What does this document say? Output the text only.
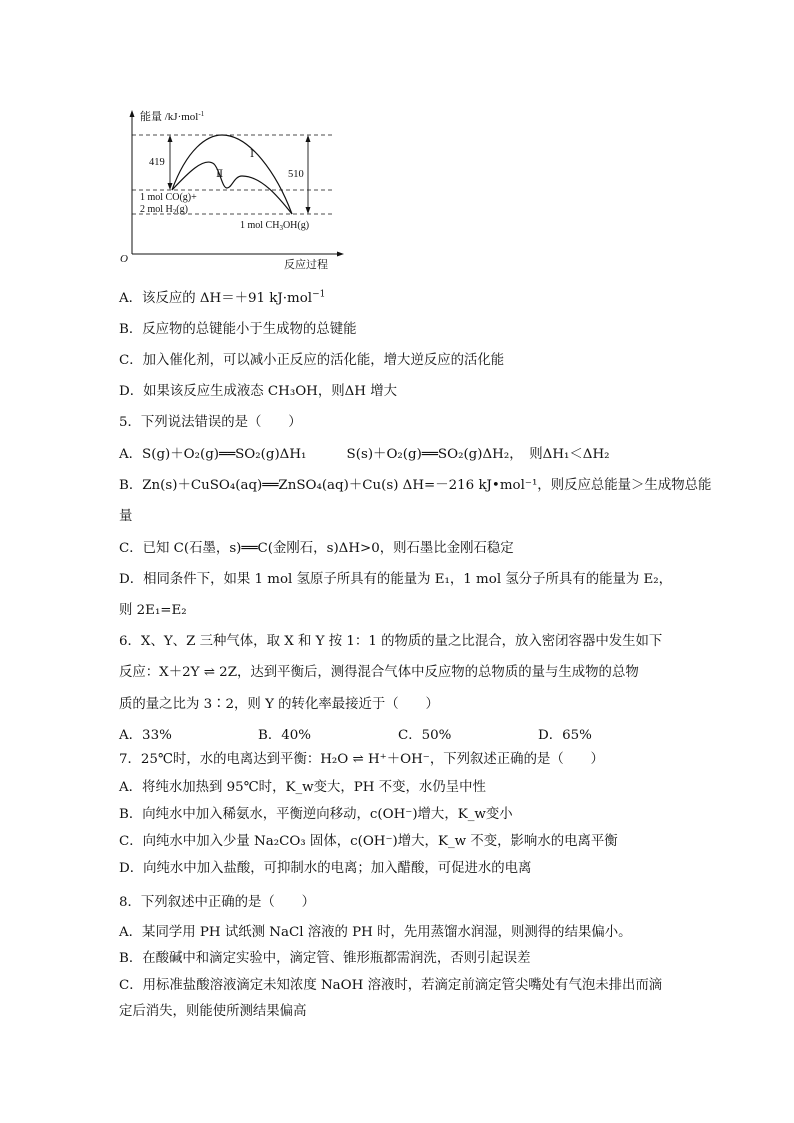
能量 /kJ·mol$^{-1}$
419
510
Ⅰ
Ⅱ
1 mol CO(g)+
2 mol $H_2(g)$
1 mol $CH_3OH(g)$
O	反应过程
A．该反应的 ΔH＝＋91 kJ·mol$^{-1}$
B．反应物的总键能小于生成物的总键能
C．加入催化剂，可以减小正反应的活化能，增大逆反应的活化能
D．如果该反应生成液态 CH₃OH，则ΔH 增大
5．下列说法错误的是（　　）
A．S(g)＋O₂(g)══SO₂(g)ΔH₁　　　S(s)＋O₂(g)══SO₂(g)ΔH₂，　则ΔH₁＜ΔH₂
B．Zn(s)＋CuSO₄(aq)══ZnSO₄(aq)＋Cu(s) ΔH=－216 kJ•mol⁻¹，则反应总能量＞生成物总能
量
C．已知 C(石墨，s)══C(金刚石，s)ΔH>0，则石墨比金刚石稳定
D．相同条件下，如果 1 mol 氢原子所具有的能量为 E₁，1 mol 氢分子所具有的能量为 E₂，
则 2E₁=E₂
6．X、Y、Z 三种气体，取 X 和 Y 按 1：1 的物质的量之比混合，放入密闭容器中发生如下
反应：X＋2Y ⇌ 2Z，达到平衡后，测得混合气体中反应物的总物质的量与生成物的总物
质的量之比为 3∶2，则 Y 的转化率最接近于（　　）
A．33%	B．40%	C．50%	D．65%
7．25℃时，水的电离达到平衡：H₂O ⇌ H⁺＋OH⁻，下列叙述正确的是（　　）
A．将纯水加热到 95℃时，K_w变大，PH 不变，水仍呈中性
B．向纯水中加入稀氨水，平衡逆向移动，c(OH⁻)增大，K_w变小
C．向纯水中加入少量 Na₂CO₃ 固体，c(OH⁻)增大，K_w 不变，影响水的电离平衡
D．向纯水中加入盐酸，可抑制水的电离；加入醋酸，可促进水的电离
8．下列叙述中正确的是（　　）
A．某同学用 PH 试纸测 NaCl 溶液的 PH 时，先用蒸馏水润湿，则测得的结果偏小。
B．在酸碱中和滴定实验中，滴定管、锥形瓶都需润洗，否则引起误差
C．用标准盐酸溶液滴定未知浓度 NaOH 溶液时，若滴定前滴定管尖嘴处有气泡未排出而滴
定后消失，则能使所测结果偏高
